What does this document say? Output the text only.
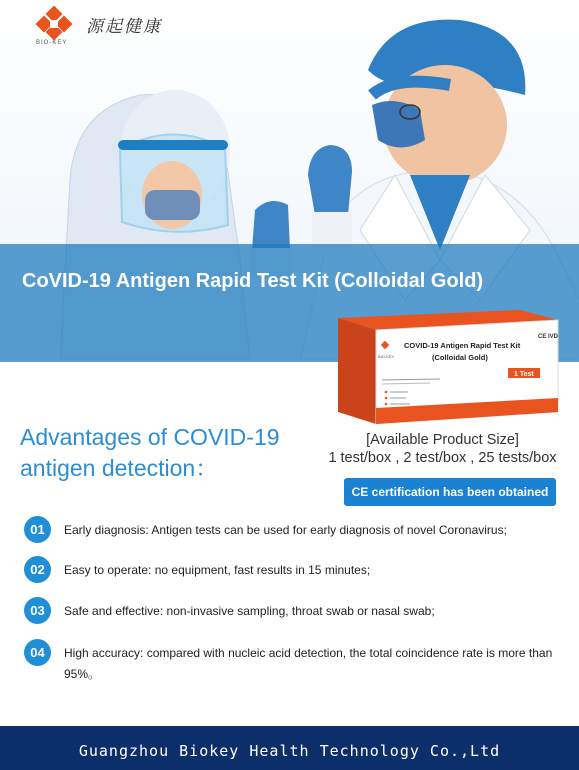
源起健康
BIO-KEY
CoVID-19 Antigen Rapid Test Kit (Colloidal Gold)
CE IVD
BIO-KEY
COVID-19 Antigen Rapid Test Kit
(Colloidal Gold)
1 Test
Advantages of COVID-19
antigen detection：
[Available Product Size]
1 test/box , 2 test/box , 25 tests/box
CE certification has been obtained
01	Early diagnosis: Antigen tests can be used for early diagnosis of novel Coronavirus;
02	Easy to operate: no equipment, fast results in 15 minutes;
03	Safe and effective: non-invasive sampling, throat swab or nasal swab;
04	High accuracy: compared with nucleic acid detection, the total coincidence rate is more than 95%。
Guangzhou Biokey Health Technology Co.,Ltd
